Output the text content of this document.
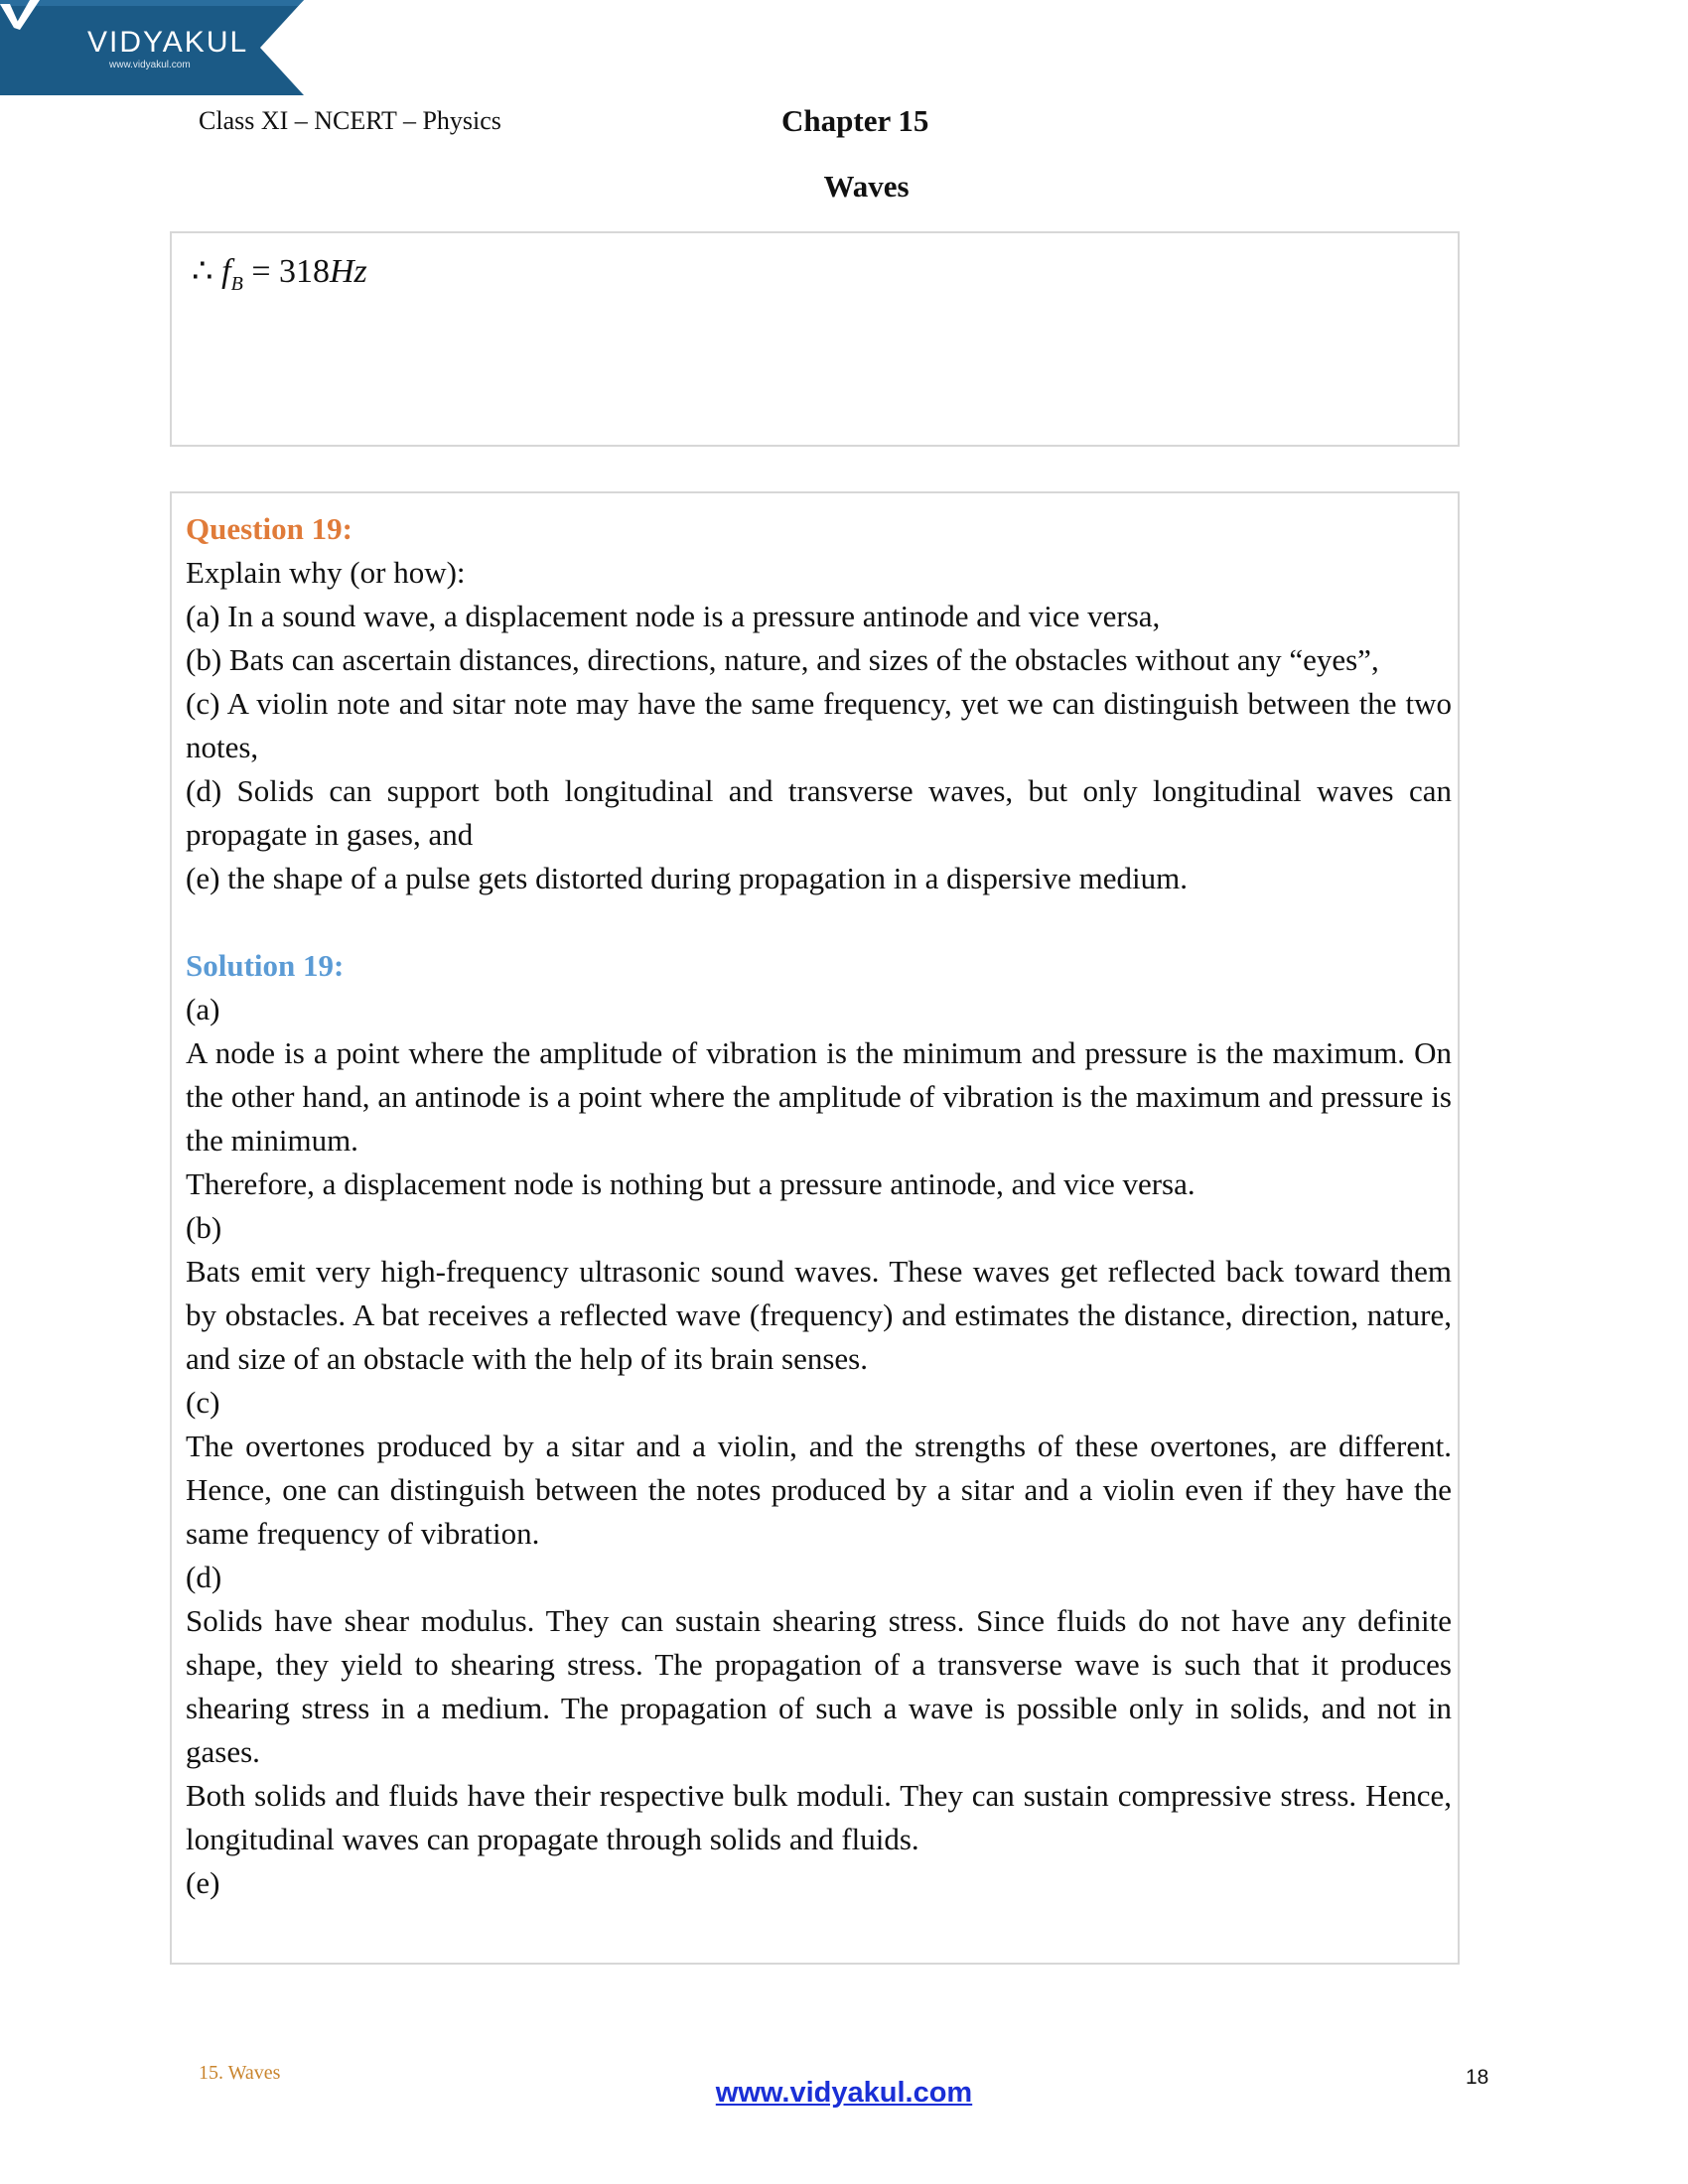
VIDYAKUL
www.vidyakul.com
Class XI – NCERT – Physics	Chapter 15
Waves
∴ $f_B = 318Hz$

Question 19:

Explain why (or how):

(a) In a sound wave, a displacement node is a pressure antinode and vice versa,

(b) Bats can ascertain distances, directions, nature, and sizes of the obstacles without any “eyes”,

(c) A violin note and sitar note may have the same frequency, yet we can distinguish between the two notes,

(d) Solids can support both longitudinal and transverse waves, but only longitudinal waves can propagate in gases, and

(e) the shape of a pulse gets distorted during propagation in a dispersive medium.

Solution 19:

(a)

A node is a point where the amplitude of vibration is the minimum and pressure is the maximum. On the other hand, an antinode is a point where the amplitude of vibration is the maximum and pressure is the minimum.

Therefore, a displacement node is nothing but a pressure antinode, and vice versa.

(b)

Bats emit very high-frequency ultrasonic sound waves. These waves get reflected back toward them by obstacles. A bat receives a reflected wave (frequency) and estimates the distance, direction, nature, and size of an obstacle with the help of its brain senses.

(c)

The overtones produced by a sitar and a violin, and the strengths of these overtones, are different. Hence, one can distinguish between the notes produced by a sitar and a violin even if they have the same frequency of vibration.

(d)

Solids have shear modulus. They can sustain shearing stress. Since fluids do not have any definite shape, they yield to shearing stress. The propagation of a transverse wave is such that it produces shearing stress in a medium. The propagation of such a wave is possible only in solids, and not in gases.

Both solids and fluids have their respective bulk moduli. They can sustain compressive stress. Hence, longitudinal waves can propagate through solids and fluids.

(e)

15. Waves
www.vidyakul.com	18
